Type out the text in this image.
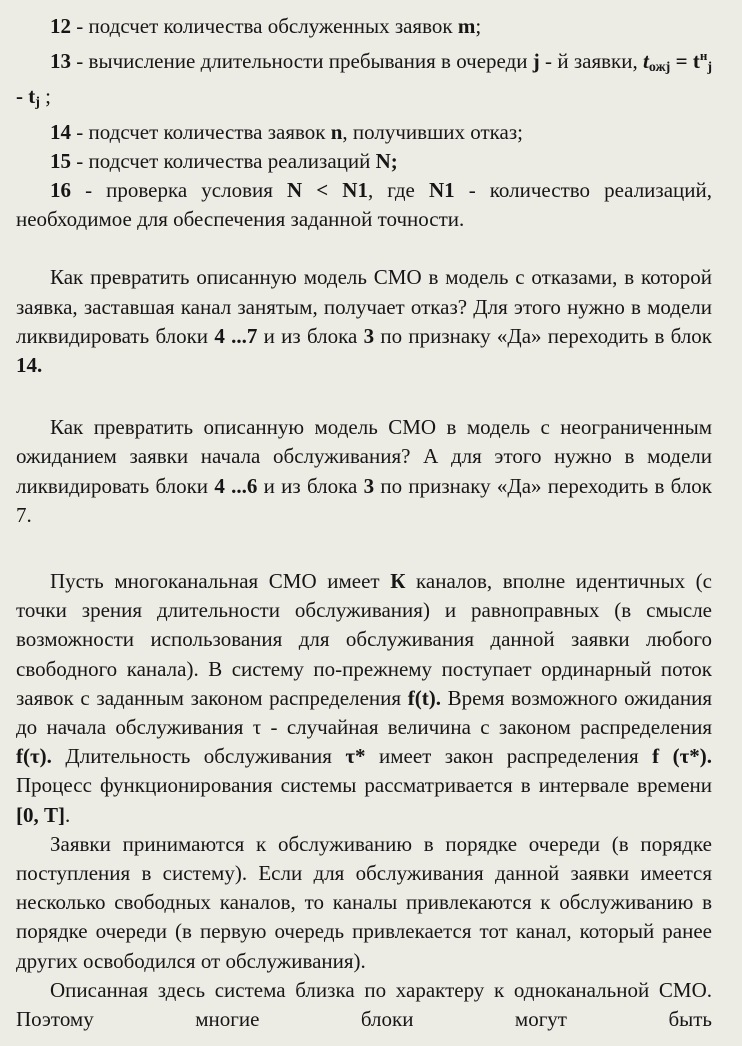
12 - подсчет количества обслуженных заявок m;

13 - вычисление длительности пребывания в очереди j - й заявки, $t_{ожj} = t^н_j - t_j$ ;

14 - подсчет количества заявок n, получивших отказ;

15 - подсчет количества реализаций N;

16 - проверка условия N < N1, где N1 - количество реализаций, необходимое для обеспечения заданной точности.

Как превратить описанную модель СМО в модель с отказами, в которой заявка, заставшая канал занятым, получает отказ? Для этого нужно в модели ликвидировать блоки 4 ...7 и из блока 3 по признаку «Да» переходить в блок 14.

Как превратить описанную модель СМО в модель с неограниченным ожиданием заявки начала обслуживания? А для этого нужно в модели ликвидировать блоки 4 ...6 и из блока 3 по признаку «Да» переходить в блок 7.

Пусть многоканальная СМО имеет К каналов, вполне идентичных (с точки зрения длительности обслуживания) и равноправных (в смысле возможности использования для обслуживания данной заявки любого свободного канала). В систему по-прежнему поступает ординарный поток заявок с заданным законом распределения f(t). Время возможного ожидания до начала обслуживания τ - случайная величина с законом распределения f(τ). Длительность обслуживания τ* имеет закон распределения f (τ*). Процесс функционирования системы рассматривается в интервале времени [0, T].

Заявки принимаются к обслуживанию в порядке очереди (в порядке поступления в систему). Если для обслуживания данной заявки имеется несколько свободных каналов, то каналы привлекаются к обслуживанию в порядке очереди (в первую очередь привлекается тот канал, который ранее других освободился от обслуживания).

Описанная здесь система близка по характеру к одноканальной СМО. Поэтому многие блоки могут быть
